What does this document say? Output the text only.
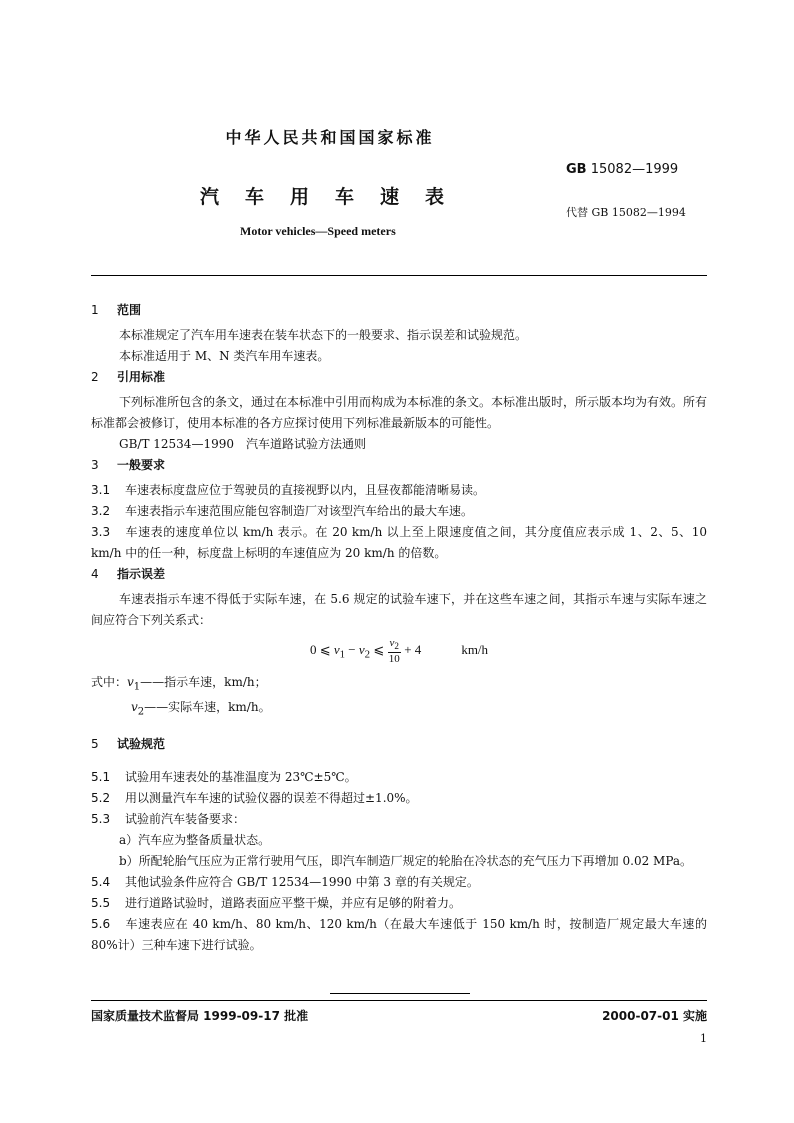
中华人民共和国国家标准
GB 15082—1999
汽车用车速表
代替 GB 15082—1994
Motor vehicles—Speed meters

1 范围

本标准规定了汽车用车速表在装车状态下的一般要求、指示误差和试验规范。

本标准适用于 M、N 类汽车用车速表。

2 引用标准

下列标准所包含的条文，通过在本标准中引用而构成为本标准的条文。本标准出版时，所示版本均为有效。所有标准都会被修订，使用本标准的各方应探讨使用下列标准最新版本的可能性。

GB/T 12534—1990　汽车道路试验方法通则

3 一般要求

3.1 车速表标度盘应位于驾驶员的直接视野以内，且昼夜都能清晰易读。

3.2 车速表指示车速范围应能包容制造厂对该型汽车给出的最大车速。

3.3 车速表的速度单位以 km/h 表示。在 20 km/h 以上至上限速度值之间，其分度值应表示成 1、2、5、10 km/h 中的任一种，标度盘上标明的车速值应为 20 km/h 的倍数。

4 指示误差

车速表指示车速不得低于实际车速，在 5.6 规定的试验车速下，并在这些车速之间，其指示车速与实际车速之间应符合下列关系式：

0 ⩽ $v_1 - v_2$ ⩽ $\frac{v_2}{10} + 4$	km/h

式中：$v_1——$指示车速，km/h；

$v_2——$实际车速，km/h。

5 试验规范

5.1 试验用车速表处的基准温度为 23℃±5℃。

5.2 用以测量汽车车速的试验仪器的误差不得超过±1.0%。

5.3 试验前汽车装备要求：

a）汽车应为整备质量状态。

b）所配轮胎气压应为正常行驶用气压，即汽车制造厂规定的轮胎在冷状态的充气压力下再增加 0.02 MPa。

5.4 其他试验条件应符合 GB/T 12534—1990 中第 3 章的有关规定。

5.5 进行道路试验时，道路表面应平整干燥，并应有足够的附着力。

5.6 车速表应在 40 km/h、80 km/h、120 km/h（在最大车速低于 150 km/h 时，按制造厂规定最大车速的 80%计）三种车速下进行试验。

国家质量技术监督局 1999-09-17 批准	2000-07-01 实施
1
